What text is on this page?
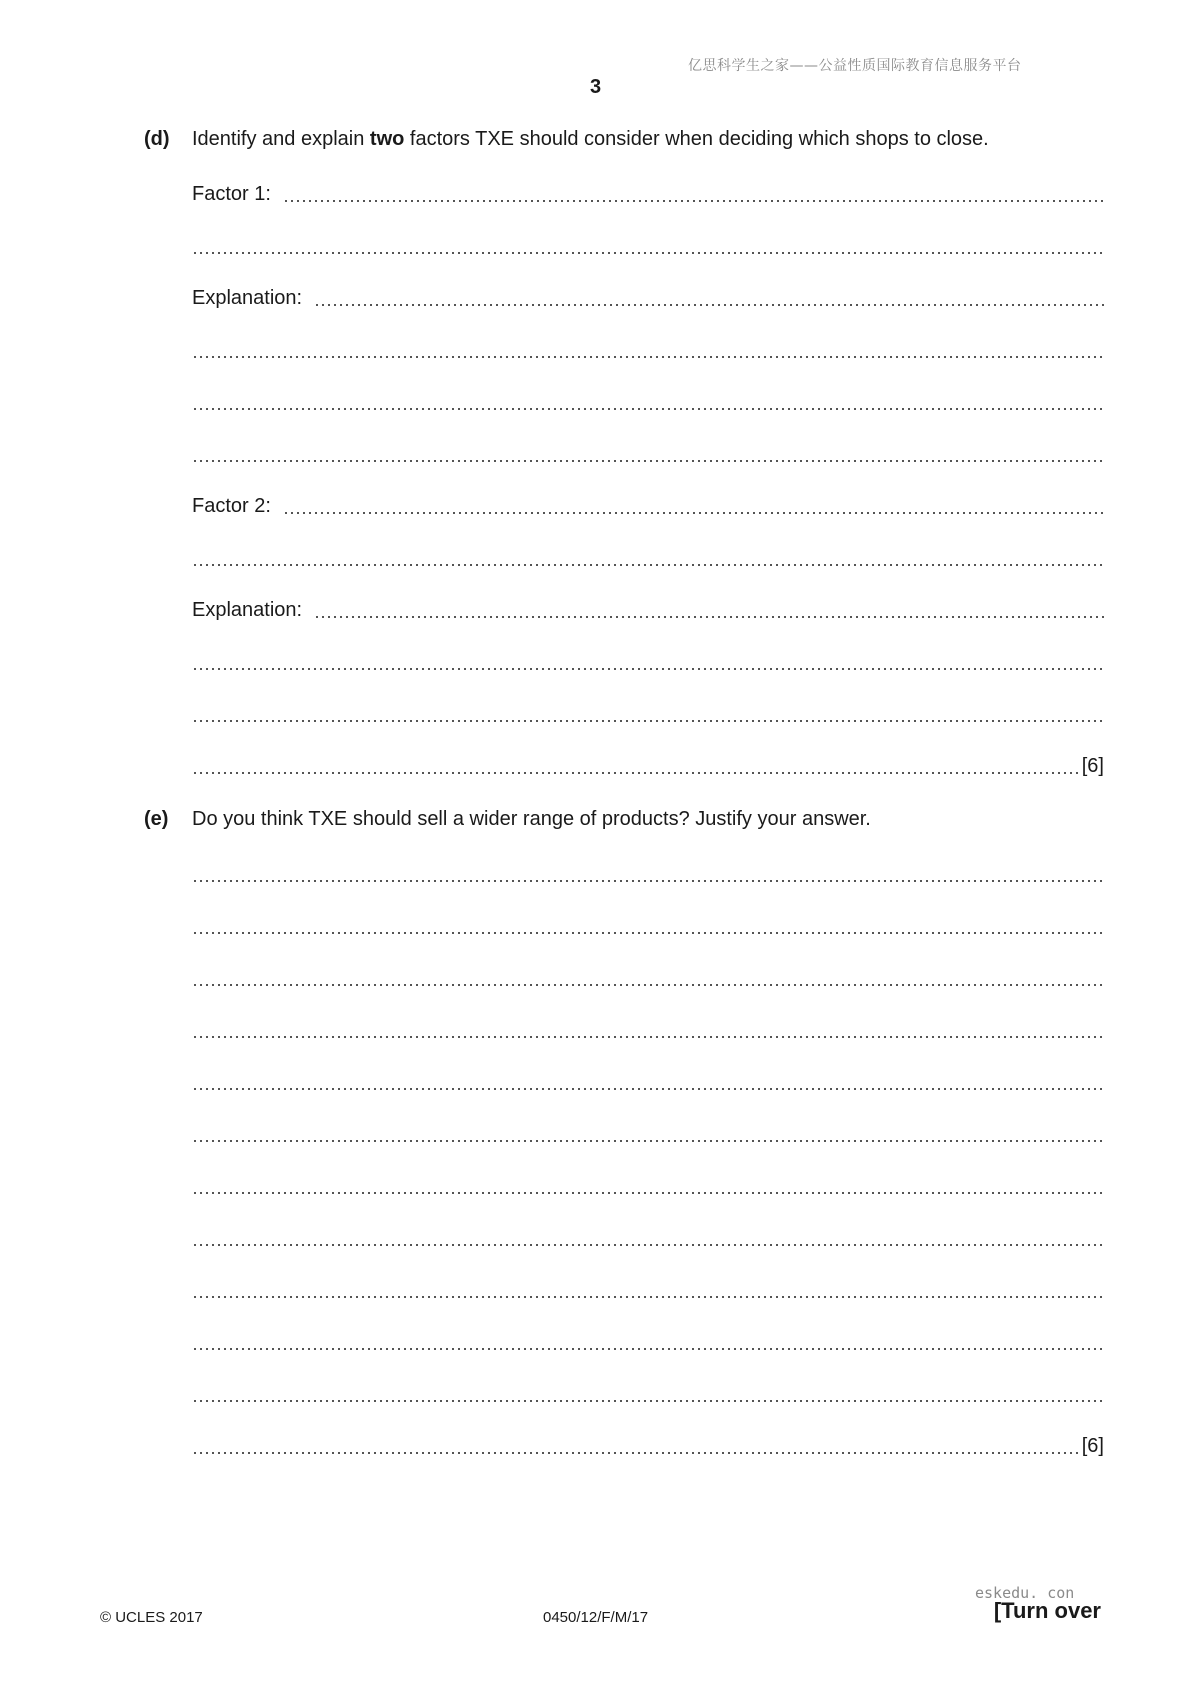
亿思科学生之家——公益性质国际教育信息服务平台
3
(d) Identify and explain two factors TXE should consider when deciding which shops to close.
Factor 1:
Explanation:
Factor 2:
Explanation:
[6]
(e) Do you think TXE should sell a wider range of products? Justify your answer.
[6]
eskedu. con
© UCLES 2017	0450/12/F/M/17	[Turn over
